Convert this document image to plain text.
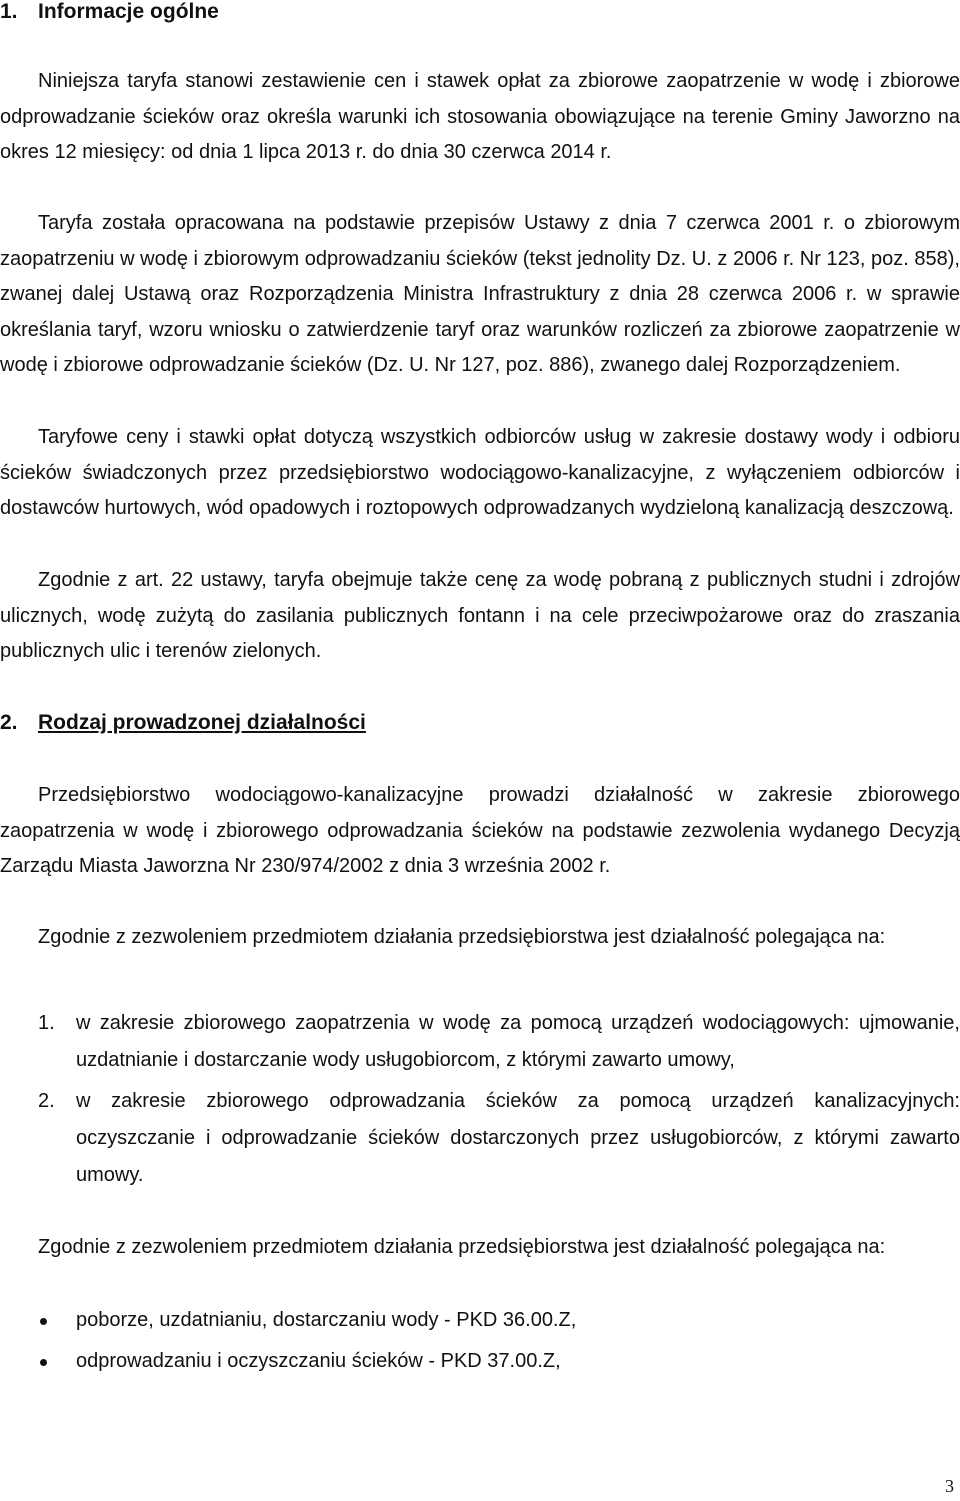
1. Informacje ogólne

Niniejsza taryfa stanowi zestawienie cen i stawek opłat za zbiorowe zaopatrzenie w wodę i zbiorowe odprowadzanie ścieków oraz określa warunki ich stosowania obowiązujące na terenie Gminy Jaworzno na okres 12 miesięcy: od dnia 1 lipca 2013 r. do dnia 30 czerwca 2014 r.

Taryfa została opracowana na podstawie przepisów Ustawy z dnia 7 czerwca 2001 r. o zbiorowym zaopatrzeniu w wodę i zbiorowym odprowadzaniu ścieków (tekst jednolity Dz. U. z 2006 r. Nr 123, poz. 858), zwanej dalej Ustawą oraz Rozporządzenia Ministra Infrastruktury z dnia 28 czerwca 2006 r. w sprawie określania taryf, wzoru wniosku o zatwierdzenie taryf oraz warunków rozliczeń za zbiorowe zaopatrzenie w wodę i zbiorowe odprowadzanie ścieków (Dz. U. Nr 127, poz. 886), zwanego dalej Rozporządzeniem.

Taryfowe ceny i stawki opłat dotyczą wszystkich odbiorców usług w zakresie dostawy wody i odbioru ścieków świadczonych przez przedsiębiorstwo wodociągowo-kanalizacyjne, z wyłączeniem odbiorców i dostawców hurtowych, wód opadowych i roztopowych odprowadzanych wydzieloną kanalizacją deszczową.

Zgodnie z art. 22 ustawy, taryfa obejmuje także cenę za wodę pobraną z publicznych studni i zdrojów ulicznych, wodę zużytą do zasilania publicznych fontann i na cele przeciwpożarowe oraz do zraszania publicznych ulic i terenów zielonych.

2. Rodzaj prowadzonej działalności

Przedsiębiorstwo wodociągowo-kanalizacyjne prowadzi działalność w zakresie zbiorowego zaopatrzenia w wodę i zbiorowego odprowadzania ścieków na podstawie zezwolenia wydanego Decyzją Zarządu Miasta Jaworzna Nr 230/974/2002 z dnia 3 września 2002 r.

Zgodnie z zezwoleniem przedmiotem działania przedsiębiorstwa jest działalność polegająca na:

1. w zakresie zbiorowego zaopatrzenia w wodę za pomocą urządzeń wodociągowych: ujmowanie, uzdatnianie i dostarczanie wody usługobiorcom, z którymi zawarto umowy,
2. w zakresie zbiorowego odprowadzania ścieków za pomocą urządzeń kanalizacyjnych: oczyszczanie i odprowadzanie ścieków dostarczonych przez usługobiorców, z którymi zawarto umowy.

Zgodnie z zezwoleniem przedmiotem działania przedsiębiorstwa jest działalność polegająca na:

poborze, uzdatnianiu, dostarczaniu wody - PKD 36.00.Z,
odprowadzaniu i oczyszczaniu ścieków - PKD 37.00.Z,
3
